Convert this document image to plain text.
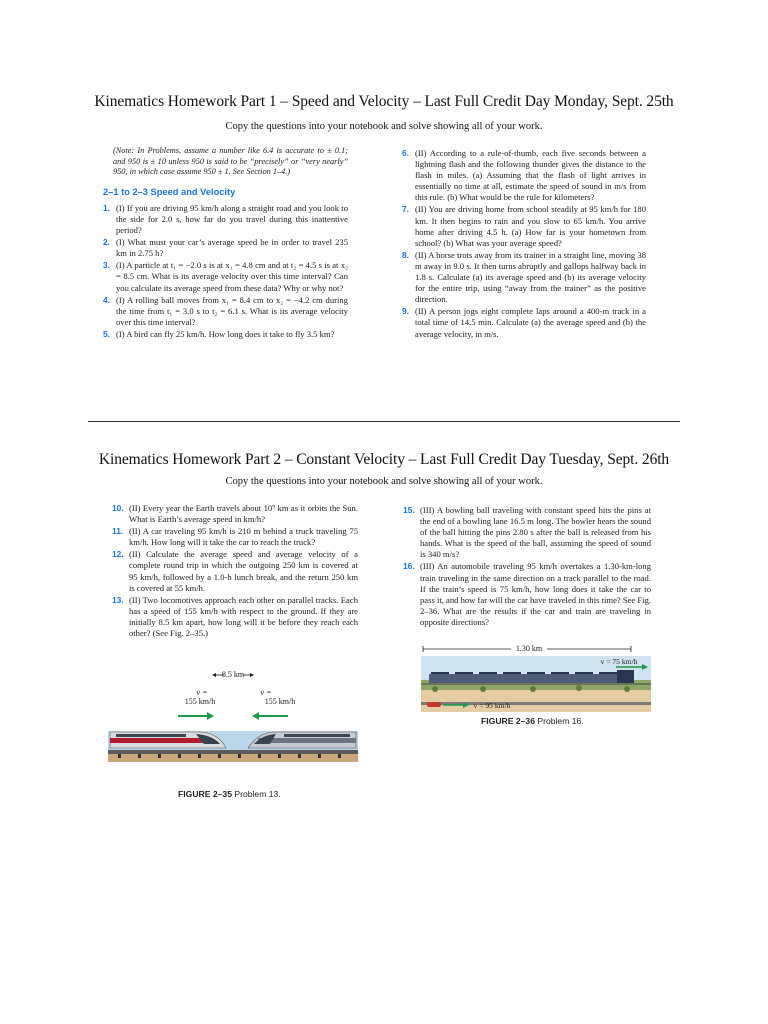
Kinematics Homework Part 1 – Speed and Velocity – Last Full Credit Day Monday, Sept. 25th
Copy the questions into your notebook and solve showing all of your work.
(Note: In Problems, assume a number like 6.4 is accurate to ± 0.1; and 950 is ± 10 unless 950 is said to be “precisely” or “very nearly” 950, in which case assume 950 ± 1. See Section 1–4.)
2–1 to 2–3 Speed and Velocity
1. (I) If you are driving 95 km/h along a straight road and you look to the side for 2.0 s, how far do you travel during this inattentive period?
2. (I) What must your car’s average speed be in order to travel 235 km in 2.75 h?
3. (I) A particle at t₁ = −2.0 s is at x₁ = 4.8 cm and at t₂ = 4.5 s is at x₂ = 8.5 cm. What is its average velocity over this time interval? Can you calculate its average speed from these data? Why or why not?
4. (I) A rolling ball moves from x₁ = 8.4 cm to x₂ = −4.2 cm during the time from t₁ = 3.0 s to t₂ = 6.1 s. What is its average velocity over this time interval?
5. (I) A bird can fly 25 km/h. How long does it take to fly 3.5 km?
6. (II) According to a rule-of-thumb, each five seconds between a lightning flash and the following thunder gives the distance to the flash in miles. (a) Assuming that the flash of light arrives in essentially no time at all, estimate the speed of sound in m/s from this rule. (b) What would be the rule for kilometers?
7. (II) You are driving home from school steadily at 95 km/h for 180 km. It then begins to rain and you slow to 65 km/h. You arrive home after driving 4.5 h. (a) How far is your hometown from school? (b) What was your average speed?
8. (II) A horse trots away from its trainer in a straight line, moving 38 m away in 9.0 s. It then turns abruptly and gallops halfway back in 1.8 s. Calculate (a) its average speed and (b) its average velocity for the entire trip, using “away from the trainer” as the positive direction.
9. (II) A person jogs eight complete laps around a 400-m track in a total time of 14.5 min. Calculate (a) the average speed and (b) the average velocity, in m/s.
Kinematics Homework Part 2 – Constant Velocity – Last Full Credit Day Tuesday, Sept. 26th
Copy the questions into your notebook and solve showing all of your work.
10. (II) Every year the Earth travels about 10⁹ km as it orbits the Sun. What is Earth’s average speed in km/h?
11. (II) A car traveling 95 km/h is 210 m behind a truck traveling 75 km/h. How long will it take the car to reach the truck?
12. (II) Calculate the average speed and average velocity of a complete round trip in which the outgoing 250 km is covered at 95 km/h, followed by a 1.0-h lunch break, and the return 250 km is covered at 55 km/h.
13. (II) Two locomotives approach each other on parallel tracks. Each has a speed of 155 km/h with respect to the ground. If they are initially 8.5 km apart, how long will it be before they reach each other? (See Fig. 2–35.)
15. (III) A bowling ball traveling with constant speed hits the pins at the end of a bowling lane 16.5 m long. The bowler hears the sound of the ball hitting the pins 2.80 s after the ball is released from his hands. What is the speed of the ball, assuming the speed of sound is 340 m/s?
16. (III) An automobile traveling 95 km/h overtakes a 1.30-km-long train traveling in the same direction on a track parallel to the road. If the train’s speed is 75 km/h, how long does it take the car to pass it, and how far will the car have traveled in this time? See Fig. 2–36. What are the results if the car and train are traveling in opposite directions?
8.5 km
v =
155 km/h
v =
155 km/h
FIGURE 2–35 Problem 13.
1.30 km
v = 75 km/h
v = 95 km/h
FIGURE 2–36 Problem 16.
